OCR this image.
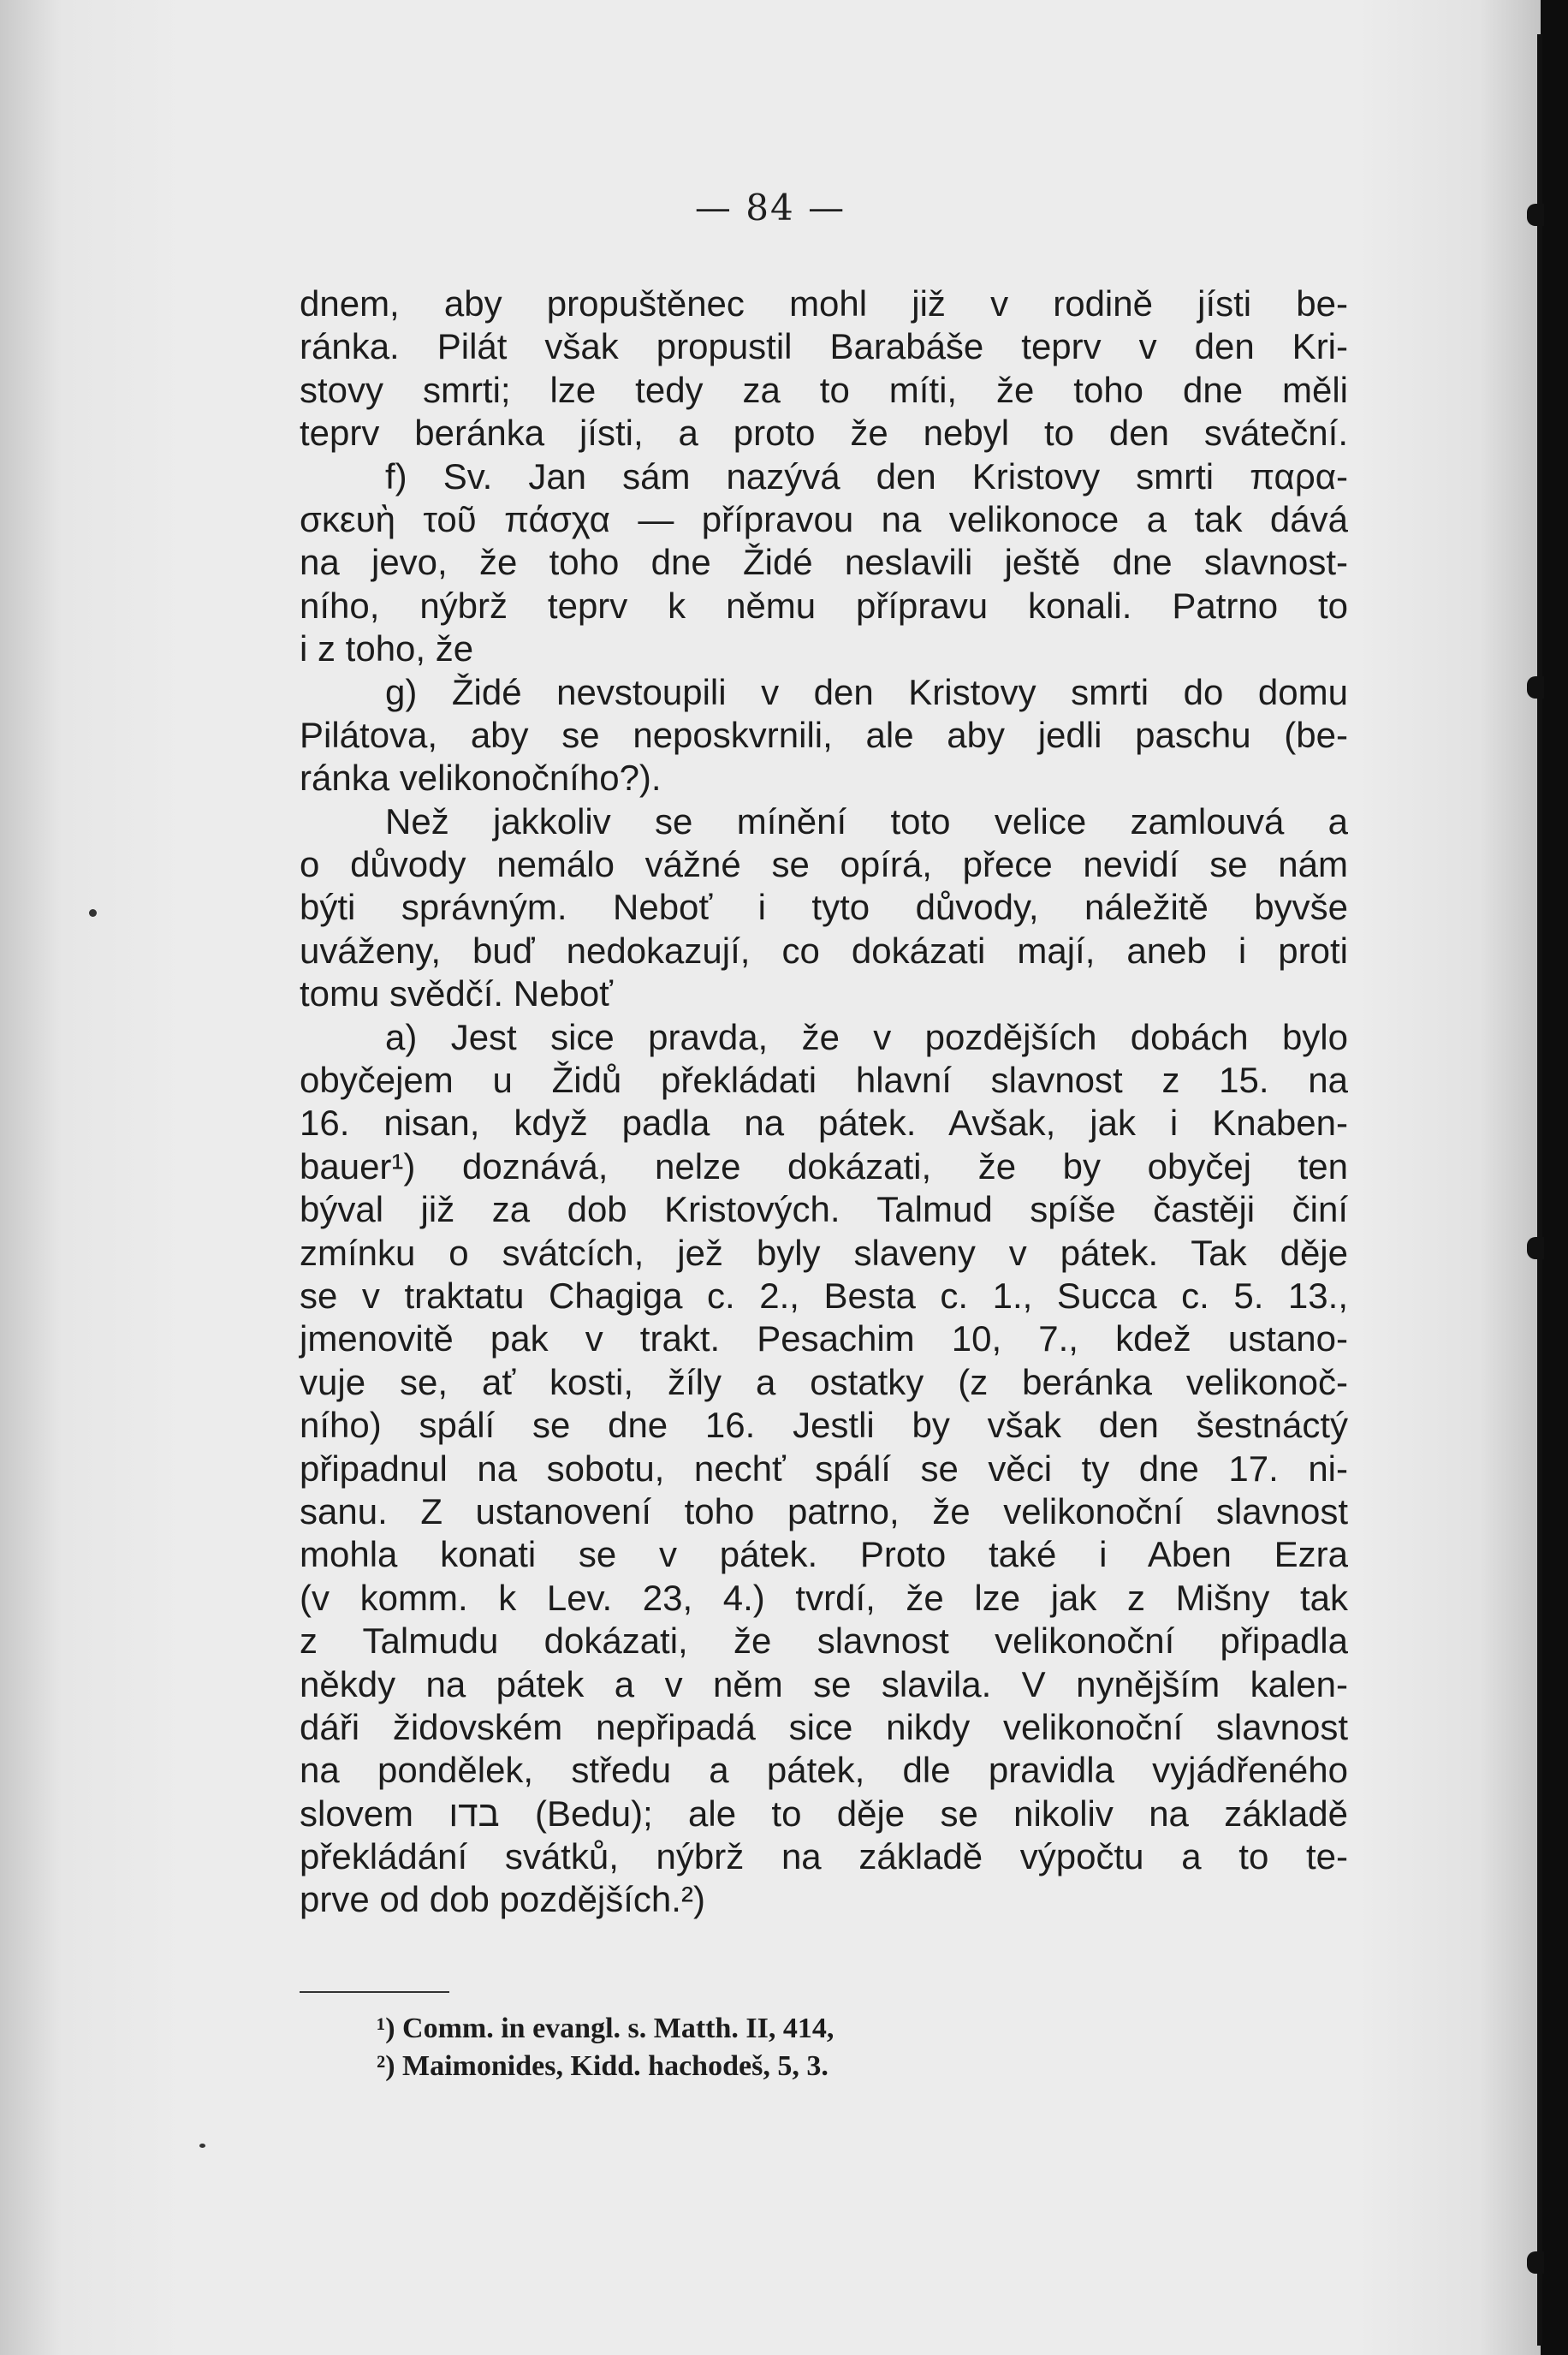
— 84 —
dnem, aby propuštěnec mohl již v rodině jísti be-
ránka. Pilát však propustil Barabáše teprv v den Kri-
stovy smrti; lze tedy za to míti, že toho dne měli
teprv beránka jísti, a proto že nebyl to den sváteční.
f) Sv. Jan sám nazývá den Kristovy smrti παρα-
σκευὴ τοῦ πάσχα — přípravou na velikonoce a tak dává
na jevo, že toho dne Židé neslavili ještě dne slavnost-
ního, nýbrž teprv k němu přípravu konali. Patrno to
i z toho, že
g) Židé nevstoupili v den Kristovy smrti do domu
Pilátova, aby se neposkvrnili, ale aby jedli paschu (be-
ránka velikonočního?).
Než jakkoliv se mínění toto velice zamlouvá a
o důvody nemálo vážné se opírá, přece nevidí se nám
býti správným. Neboť i tyto důvody, náležitě byvše
uváženy, buď nedokazují, co dokázati mají, aneb i proti
tomu svědčí. Neboť
a) Jest sice pravda, že v pozdějších dobách bylo
obyčejem u Židů překládati hlavní slavnost z 15. na
16. nisan, když padla na pátek. Avšak, jak i Knaben-
bauer¹) doznává, nelze dokázati, že by obyčej ten
býval již za dob Kristových. Talmud spíše častěji činí
zmínku o svátcích, jež byly slaveny v pátek. Tak děje
se v traktatu Chagiga c. 2., Besta c. 1., Succa c. 5. 13.,
jmenovitě pak v trakt. Pesachim 10, 7., kdež ustano-
vuje se, ať kosti, žíly a ostatky (z beránka velikonoč-
ního) spálí se dne 16. Jestli by však den šestnáctý
připadnul na sobotu, nechť spálí se věci ty dne 17. ni-
sanu. Z ustanovení toho patrno, že velikonoční slavnost
mohla konati se v pátek. Proto také i Aben Ezra
(v komm. k Lev. 23, 4.) tvrdí, že lze jak z Mišny tak
z Talmudu dokázati, že slavnost velikonoční připadla
někdy na pátek a v něm se slavila. V nynějším kalen-
dáři židovském nepřipadá sice nikdy velikonoční slavnost
na pondělek, středu a pátek, dle pravidla vyjádřeného
slovem בדו (Bedu); ale to děje se nikoliv na základě
překládání svátků, nýbrž na základě výpočtu a to te-
prve od dob pozdějších.²)
¹) Comm. in evangl. s. Matth. II, 414,
²) Maimonides, Kidd. hachodeš, 5, 3.
